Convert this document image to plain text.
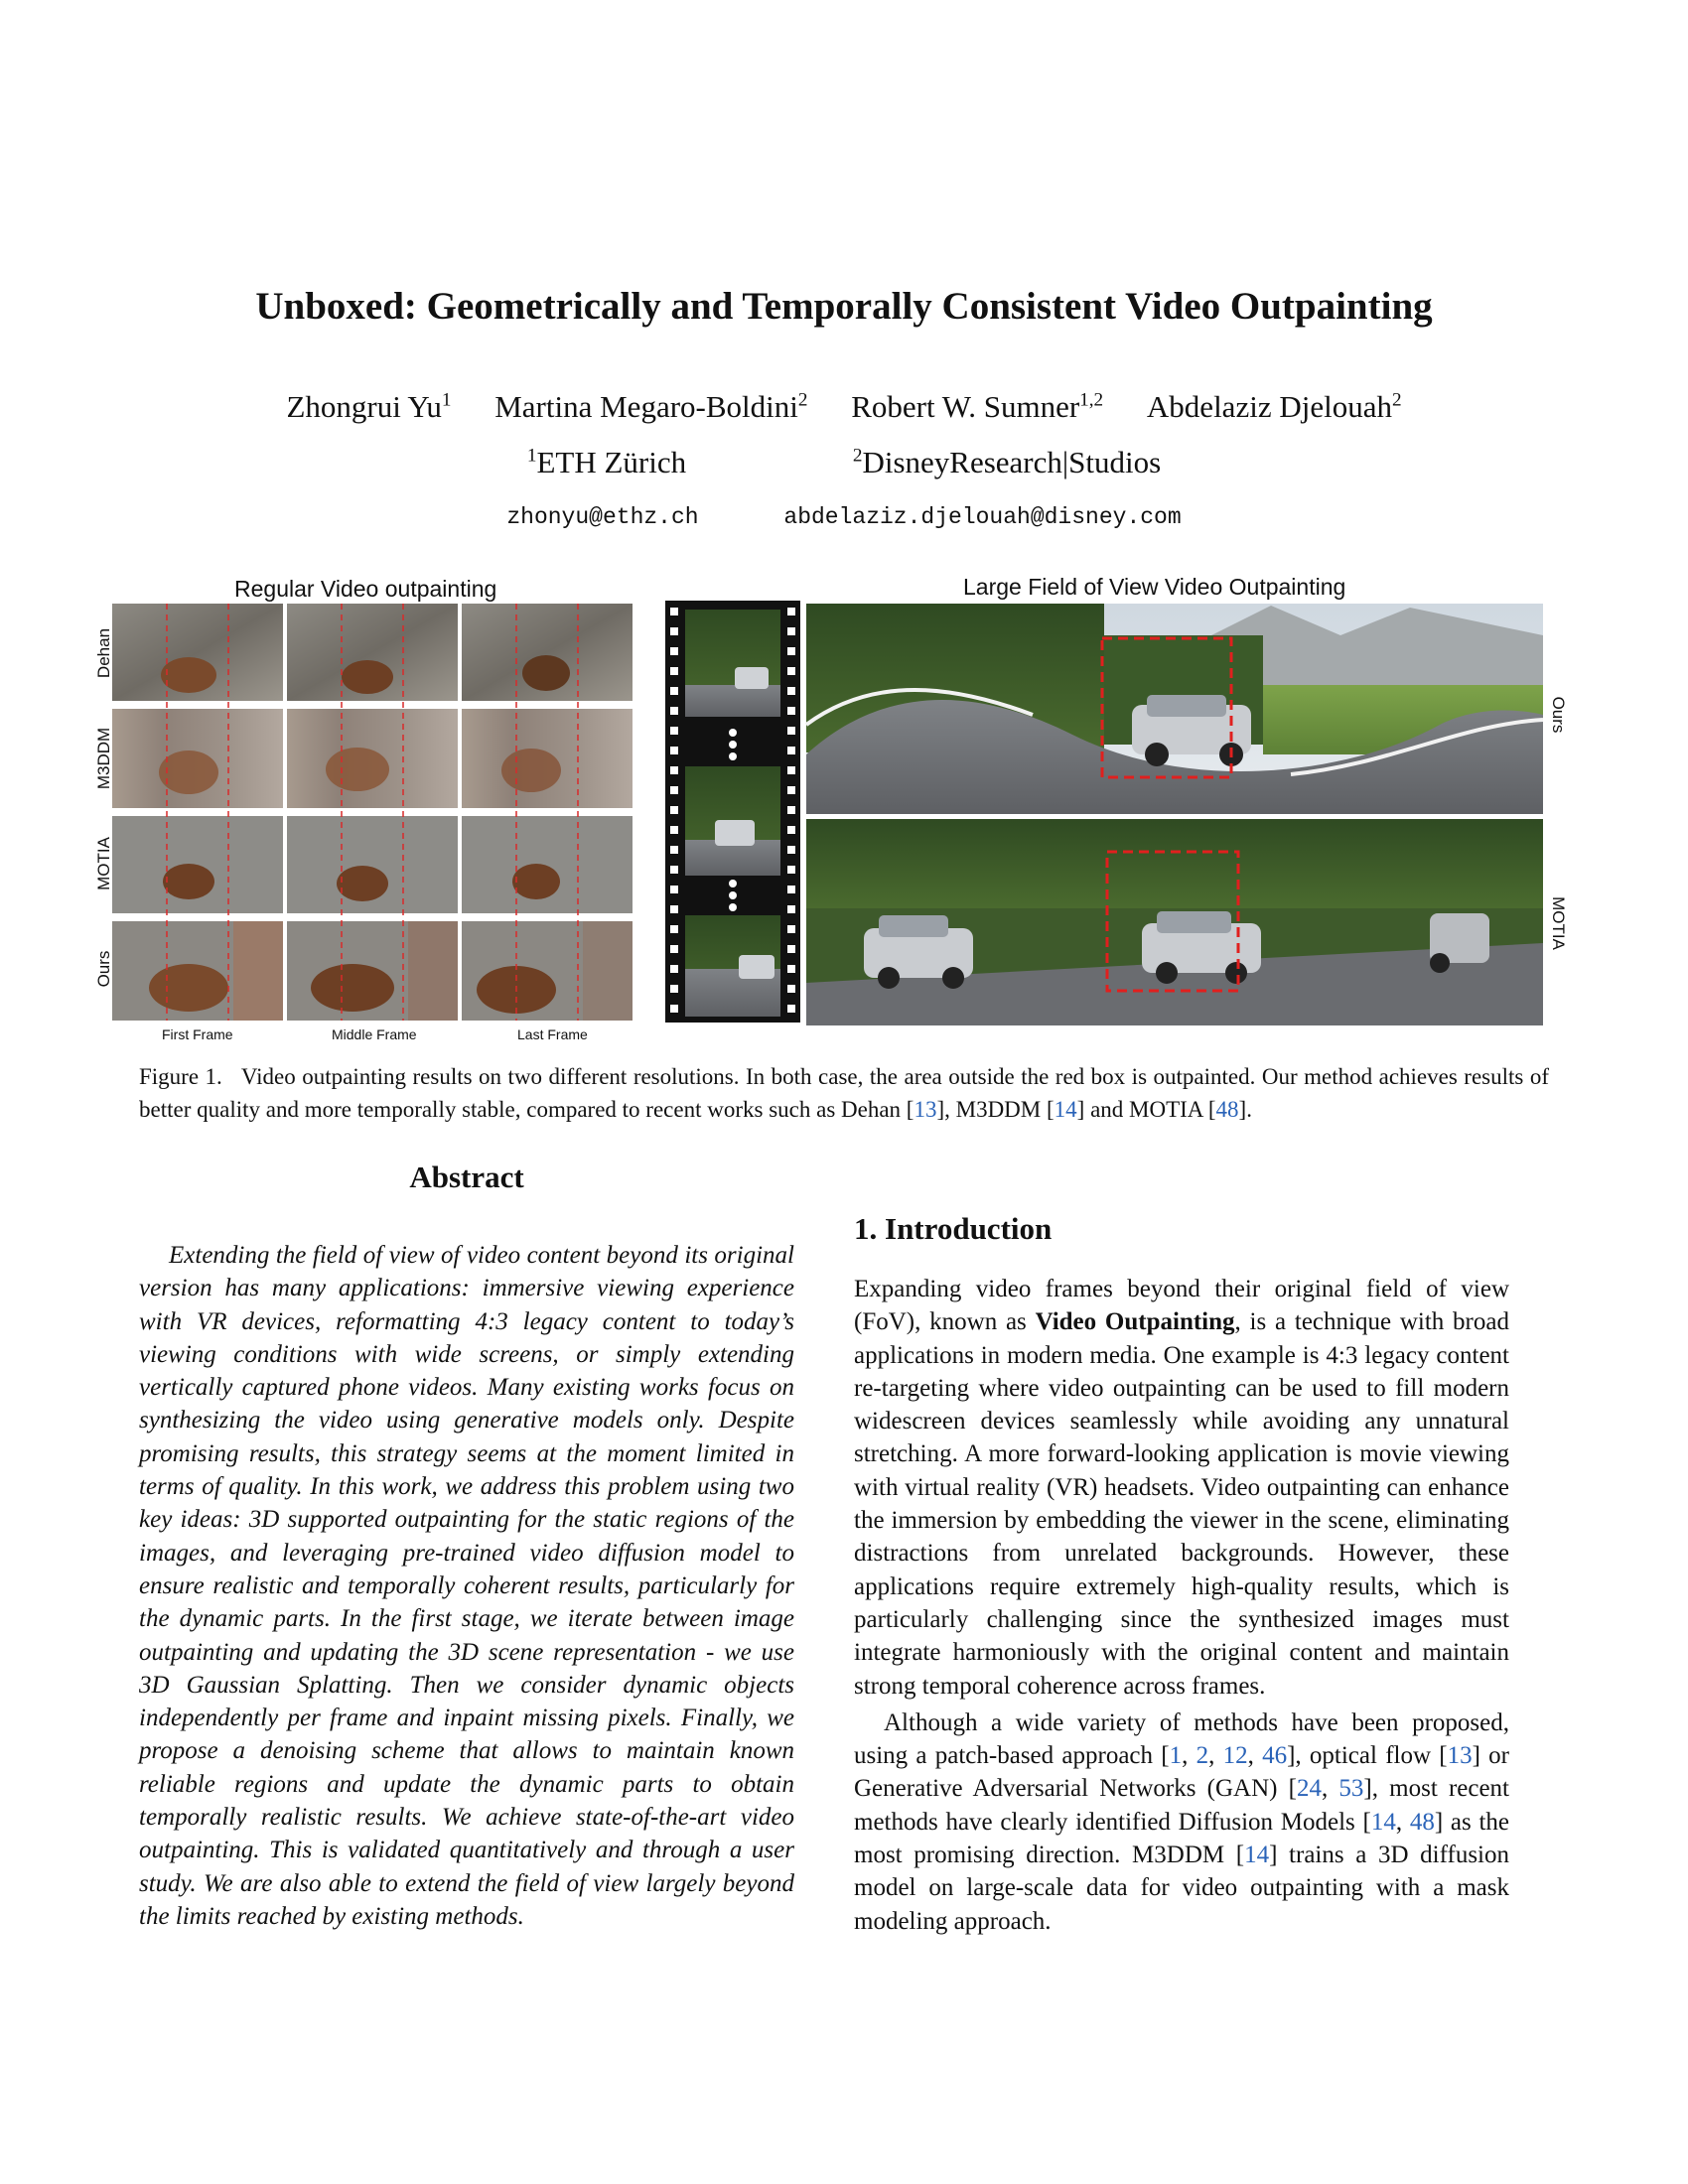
Unboxed: Geometrically and Temporally Consistent Video Outpainting
Zhongrui Yu$^1$ Martina Megaro-Boldini$^2$ Robert W. Sumner$^{1,2}$ Abdelaziz Djelouah$^2$
$^1$ETH Zürich	$^2$DisneyResearch|Studios
zhonyu@ethz.ch	abdelaziz.djelouah@disney.com
Regular Video outpainting	Large Field of View Video Outpainting
Dehan
M3DDM
MOTIA
Ours
First Frame	Middle Frame	Last Frame
Ours
MOTIA
Figure 1. Video outpainting results on two different resolutions. In both case, the area outside the red box is outpainted. Our method achieves results of better quality and more temporally stable, compared to recent works such as Dehan [13], M3DDM [14] and MOTIA [48].
Abstract
Extending the field of view of video content beyond its original version has many applications: immersive viewing experience with VR devices, reformatting 4:3 legacy content to today’s viewing conditions with wide screens, or simply extending vertically captured phone videos. Many existing works focus on synthesizing the video using generative models only. Despite promising results, this strategy seems at the moment limited in terms of quality. In this work, we address this problem using two key ideas: 3D supported outpainting for the static regions of the images, and leveraging pre-trained video diffusion model to ensure realistic and temporally coherent results, particularly for the dynamic parts. In the first stage, we iterate between image outpainting and updating the 3D scene representation - we use 3D Gaussian Splatting. Then we consider dynamic objects independently per frame and inpaint missing pixels. Finally, we propose a denoising scheme that allows to maintain known reliable regions and update the dynamic parts to obtain temporally realistic results. We achieve state-of-the-art video outpainting. This is validated quantitatively and through a user study. We are also able to extend the field of view largely beyond the limits reached by existing methods.
1. Introduction

Expanding video frames beyond their original field of view (FoV), known as Video Outpainting, is a technique with broad applications in modern media. One example is 4:3 legacy content re-targeting where video outpainting can be used to fill modern widescreen devices seamlessly while avoiding any unnatural stretching. A more forward-looking application is movie viewing with virtual reality (VR) headsets. Video outpainting can enhance the immersion by embedding the viewer in the scene, eliminating distractions from unrelated backgrounds. However, these applications require extremely high-quality results, which is particularly challenging since the synthesized images must integrate harmoniously with the original content and maintain strong temporal coherence across frames.

Although a wide variety of methods have been proposed, using a patch-based approach [1, 2, 12, 46], optical flow [13] or Generative Adversarial Networks (GAN) [24, 53], most recent methods have clearly identified Diffusion Models [14, 48] as the most promising direction. M3DDM [14] trains a 3D diffusion model on large-scale data for video outpainting with a mask modeling approach.
